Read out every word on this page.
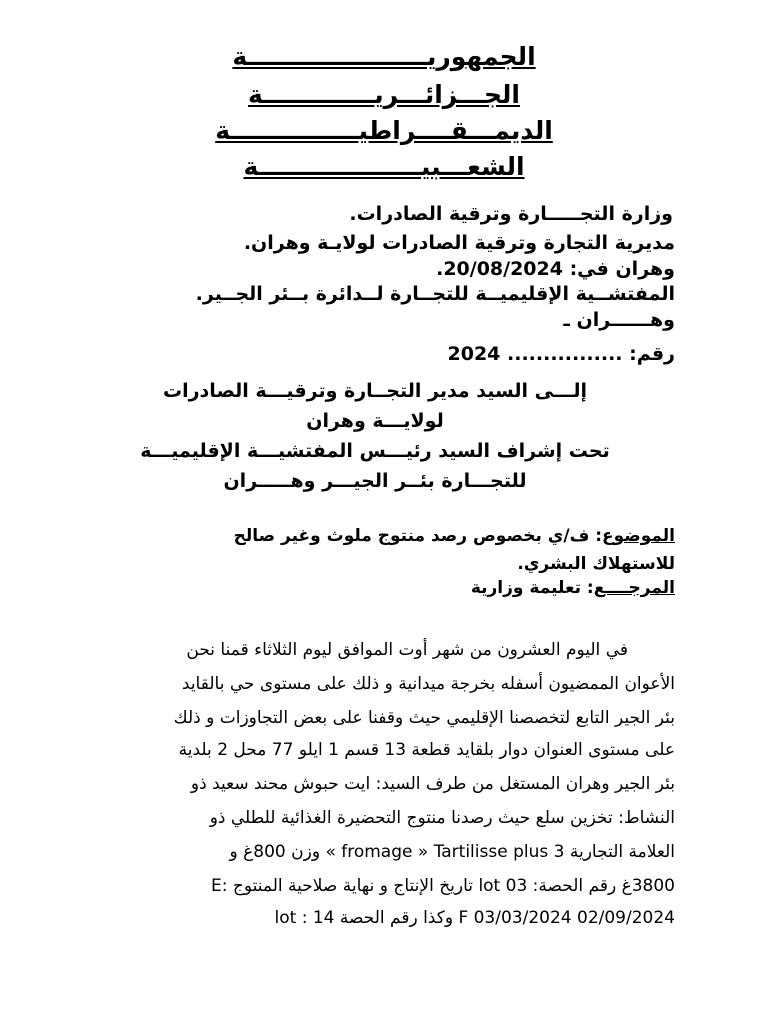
الجمهوريـــــــــــــــــــــة
الجـــزائـــريـــــــــــــة
الديمـــقــــراطيـــــــــــــــة
الشعـــبيـــــــــــــــــــة
وزارة التجـــــارة وترقية الصادرات.
مديرية التجارة وترقية الصادرات لولايـة وهران.
وهران في: 20/08/2024.
المفتشــية الإقليميــة للتجــارة لــدائرة بــئر الجــير.
وهــــــران ـ
رقم: ................ 2024
إلـــى السيد مدير التجــارة وترقيـــة الصادرات
لولايـــة وهران
تحت إشراف السيد رئيـــس المفتشيـــة الإقليميـــة
للتجـــارة بئــر الجيـــر وهـــــران
الموضوع: ف/ي بخصوص رصد منتوج ملوث وغير صالح
للاستهلاك البشري.
المرجــــع: تعليمة وزارية
في اليوم العشرون من شهر أوت الموافق ليوم الثلاثاء قمنا نحن
الأعوان الممضيون أسفله بخرجة ميدانية و ذلك على مستوى حي بالقايد
بئر الجير التابع لتخصصنا الإقليمي حيث وقفنا على بعض التجاوزات و ذلك
على مستوى العنوان دوار بلقايد قطعة 13 قسم 1 ايلو 77 محل 2 بلدية
بئر الجير وهران المستغل من طرف السيد: ايت حبوش محند سعيد ذو
النشاط: تخزين سلع حيث رصدنا منتوج التحضيرة الغذائية للطلي ذو
العلامة التجارية 3 fromage » Tartilisse plus » وزن 800غ و
3800غ رقم الحصة: lot 03 تاريخ الإنتاج و نهاية صلاحية المنتوج :E
F 03/03/2024 02/09/2024 وكذا رقم الحصة 14 : lot
